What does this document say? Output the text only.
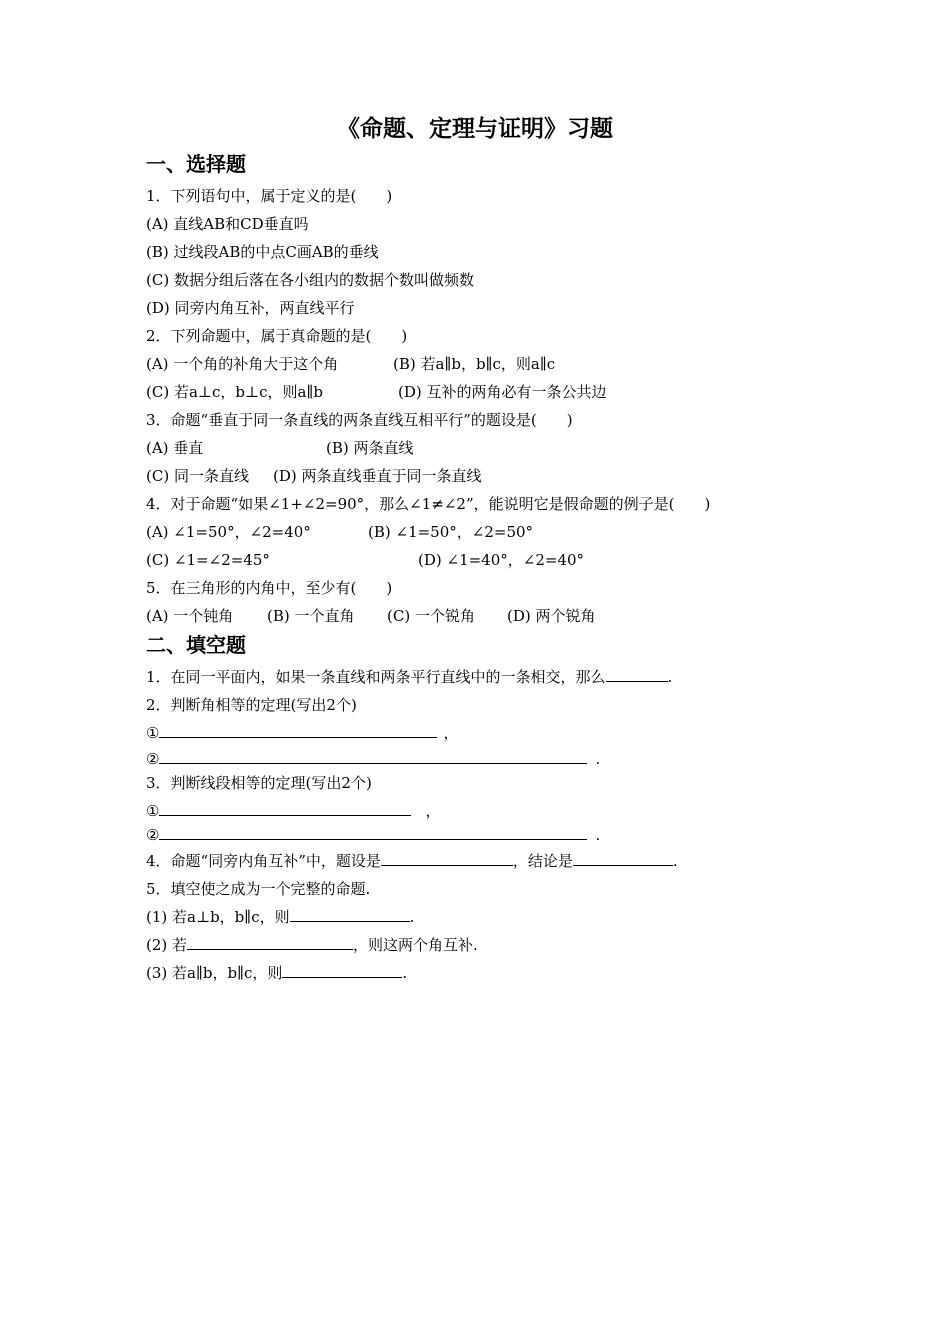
《命题、定理与证明》习题
一、选择题
1．下列语句中，属于定义的是(　　)
(A) 直线AB和CD垂直吗
(B) 过线段AB的中点C画AB的垂线
(C) 数据分组后落在各小组内的数据个数叫做频数
(D) 同旁内角互补，两直线平行
2．下列命题中，属于真命题的是(　　)
(A) 一个角的补角大于这个角	(B) 若a∥b，b∥c，则a∥c
(C) 若a⊥c，b⊥c，则a∥b	(D) 互补的两角必有一条公共边
3．命题“垂直于同一条直线的两条直线互相平行”的题设是(　　)
(A) 垂直	(B) 两条直线
(C) 同一条直线 (D) 两条直线垂直于同一条直线
4．对于命题“如果∠1+∠2=90°，那么∠1≠∠2”，能说明它是假命题的例子是(　　)
(A) ∠1=50°，∠2=40°	(B) ∠1=50°，∠2=50°
(C) ∠1=∠2=45°	(D) ∠1=40°，∠2=40°
5．在三角形的内角中，至少有(　　)
(A) 一个钝角 (B) 一个直角 (C) 一个锐角 (D) 两个锐角
二、填空题
1．在同一平面内，如果一条直线和两条平行直线中的一条相交，那么	.
2．判断角相等的定理(写出2个)
①	，
②	.
3．判断线段相等的定理(写出2个)
①	，
②	.
4．命题“同旁内角互补”中，题设是	，结论是	.
5．填空使之成为一个完整的命题.
(1) 若a⊥b，b∥c，则	.
(2) 若	，则这两个角互补.
(3) 若a∥b，b∥c，则	.
